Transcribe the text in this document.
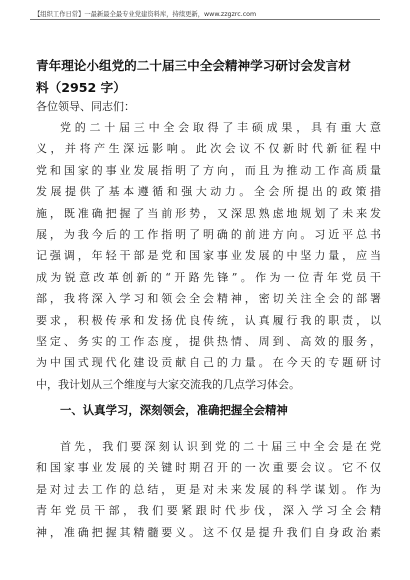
【组织工作日常】一最新最全最专业党建资料库，持续更新，www.zzgzrc.com
青年理论小组党的二十届三中全会精神学习研讨会发言材
料（2952 字）
各位领导、同志们：
党的二十届三中全会取得了丰硕成果，具有重大意
义，并将产生深远影响。此次会议不仅新时代新征程中
党和国家的事业发展指明了方向，而且为推动工作高质量
发展提供了基本遵循和强大动力。全会所提出的政策措
施，既准确把握了当前形势，又深思熟虑地规划了未来发
展，为我今后的工作指明了明确的前进方向。习近平总书
记强调，年轻干部是党和国家事业发展的中坚力量，应当
成为锐意改革创新的“开路先锋”。作为一位青年党员干
部，我将深入学习和领会全会精神，密切关注全会的部署
要求，积极传承和发扬优良传统，认真履行我的职责，以
坚定、务实的工作态度，提供热情、周到、高效的服务，
为中国式现代化建设贡献自己的力量。在今天的专题研讨
中，我计划从三个维度与大家交流我的几点学习体会。
一、认真学习，深刻领会，准确把握全会精神
首先，我们要深刻认识到党的二十届三中全会是在党
和国家事业发展的关键时期召开的一次重要会议。它不仅
是对过去工作的总结，更是对未来发展的科学谋划。作为
青年党员干部，我们要紧跟时代步伐，深入学习全会精
神，准确把握其精髓要义。这不仅是提升我们自身政治素
